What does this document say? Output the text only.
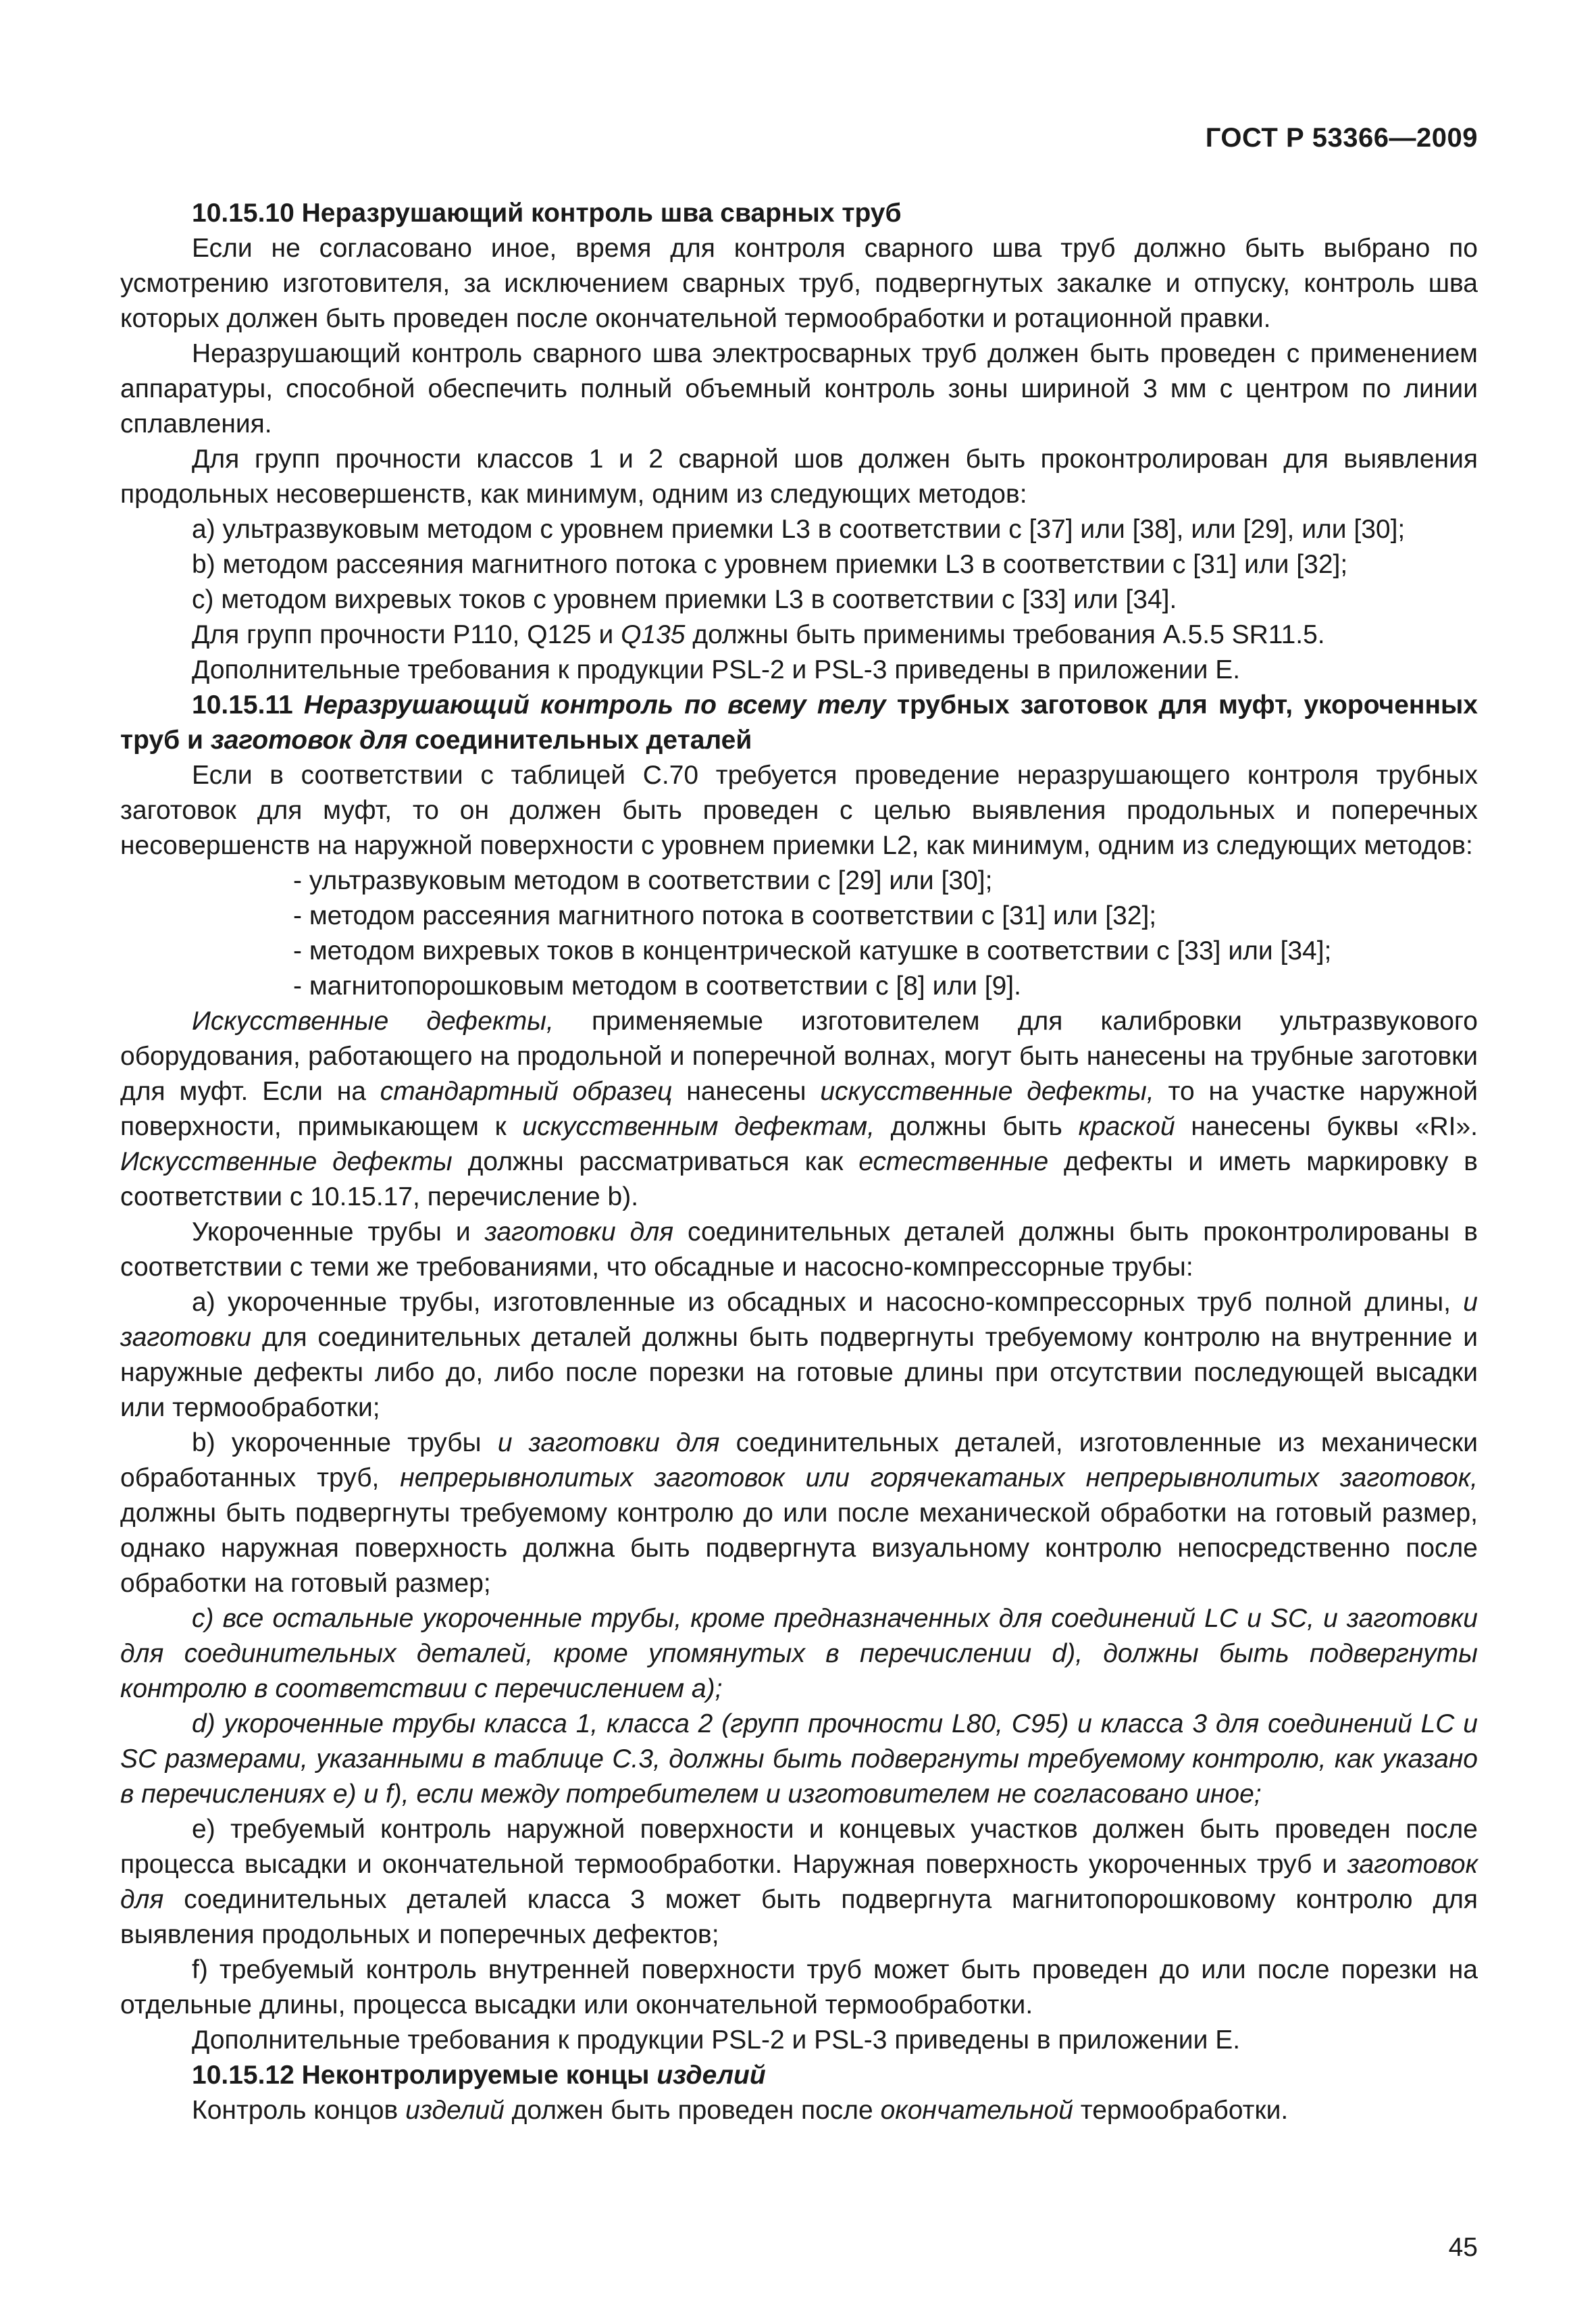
ГОСТ Р 53366—2009

10.15.10 Неразрушающий контроль шва сварных труб

Если не согласовано иное, время для контроля сварного шва труб должно быть выбрано по усмотрению изготовителя, за исключением сварных труб, подвергнутых закалке и отпуску, контроль шва которых должен быть проведен после окончательной термообработки и ротационной правки.

Неразрушающий контроль сварного шва электросварных труб должен быть проведен с применением аппаратуры, способной обеспечить полный объемный контроль зоны шириной 3 мм с центром по линии сплавления.

Для групп прочности классов 1 и 2 сварной шов должен быть проконтролирован для выявления продольных несовершенств, как минимум, одним из следующих методов:

а) ультразвуковым методом с уровнем приемки L3 в соответствии с [37] или [38], или [29], или [30];

b) методом рассеяния магнитного потока с уровнем приемки L3 в соответствии с [31] или [32];

с) методом вихревых токов с уровнем приемки L3 в соответствии с [33] или [34].

Для групп прочности Р110, Q125 и Q135 должны быть применимы требования А.5.5 SR11.5.

Дополнительные требования к продукции PSL-2 и PSL-3 приведены в приложении Е.

10.15.11 Неразрушающий контроль по всему телу трубных заготовок для муфт, укороченных труб и заготовок для соединительных деталей

Если в соответствии с таблицей С.70 требуется проведение неразрушающего контроля трубных заготовок для муфт, то он должен быть проведен с целью выявления продольных и поперечных несовершенств на наружной поверхности с уровнем приемки L2, как минимум, одним из следующих методов:

- ультразвуковым методом в соответствии с [29] или [30];

- методом рассеяния магнитного потока в соответствии с [31] или [32];

- методом вихревых токов в концентрической катушке в соответствии с [33] или [34];

- магнитопорошковым методом в соответствии с [8] или [9].

Искусственные дефекты, применяемые изготовителем для калибровки ультразвукового оборудования, работающего на продольной и поперечной волнах, могут быть нанесены на трубные заготовки для муфт. Если на стандартный образец нанесены искусственные дефекты, то на участке наружной поверхности, примыкающем к искусственным дефектам, должны быть краской нанесены буквы «RI». Искусственные дефекты должны рассматриваться как естественные дефекты и иметь маркировку в соответствии с 10.15.17, перечисление b).

Укороченные трубы и заготовки для соединительных деталей должны быть проконтролированы в соответствии с теми же требованиями, что обсадные и насосно-компрессорные трубы:

а) укороченные трубы, изготовленные из обсадных и насосно-компрессорных труб полной длины, и заготовки для соединительных деталей должны быть подвергнуты требуемому контролю на внутренние и наружные дефекты либо до, либо после порезки на готовые длины при отсутствии последующей высадки или термообработки;

b) укороченные трубы и заготовки для соединительных деталей, изготовленные из механически обработанных труб, непрерывнолитых заготовок или горячекатаных непрерывнолитых заготовок, должны быть подвергнуты требуемому контролю до или после механической обработки на готовый размер, однако наружная поверхность должна быть подвергнута визуальному контролю непосредственно после обработки на готовый размер;

с) все остальные укороченные трубы, кроме предназначенных для соединений LC и SC, и заготовки для соединительных деталей, кроме упомянутых в перечислении d), должны быть подвергнуты контролю в соответствии с перечислением а);

d) укороченные трубы класса 1, класса 2 (групп прочности L80, C95) и класса 3 для соединений LC и SC размерами, указанными в таблице С.3, должны быть подвергнуты требуемому контролю, как указано в перечислениях е) и f), если между потребителем и изготовителем не согласовано иное;

е) требуемый контроль наружной поверхности и концевых участков должен быть проведен после процесса высадки и окончательной термообработки. Наружная поверхность укороченных труб и заготовок для соединительных деталей класса 3 может быть подвергнута магнитопорошковому контролю для выявления продольных и поперечных дефектов;

f) требуемый контроль внутренней поверхности труб может быть проведен до или после порезки на отдельные длины, процесса высадки или окончательной термообработки.

Дополнительные требования к продукции PSL-2 и PSL-3 приведены в приложении Е.

10.15.12 Неконтролируемые концы изделий

Контроль концов изделий должен быть проведен после окончательной термообработки.

45
